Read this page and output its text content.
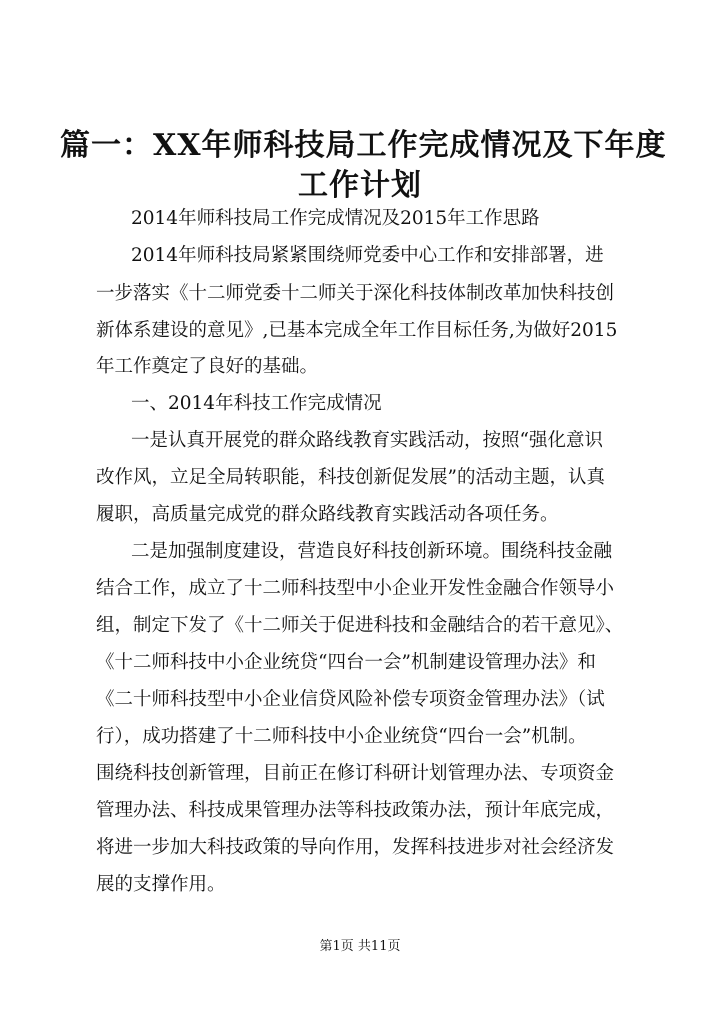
篇一：XX年师科技局工作完成情况及下年度
工作计划
2014年师科技局工作完成情况及2015年工作思路
2014年师科技局紧紧围绕师党委中心工作和安排部署，进
一步落实《十二师党委十二师关于深化科技体制改革加快科技创
新体系建设的意见》,已基本完成全年工作目标任务,为做好2015
年工作奠定了良好的基础。
一、2014年科技工作完成情况
一是认真开展党的群众路线教育实践活动，按照“强化意识
改作风，立足全局转职能，科技创新促发展”的活动主题，认真
履职，高质量完成党的群众路线教育实践活动各项任务。
二是加强制度建设，营造良好科技创新环境。围绕科技金融
结合工作，成立了十二师科技型中小企业开发性金融合作领导小
组，制定下发了《十二师关于促进科技和金融结合的若干意见》、
《十二师科技中小企业统贷“四台一会”机制建设管理办法》和
《二十师科技型中小企业信贷风险补偿专项资金管理办法》（试
行），成功搭建了十二师科技中小企业统贷“四台一会”机制。
围绕科技创新管理，目前正在修订科研计划管理办法、专项资金
管理办法、科技成果管理办法等科技政策办法，预计年底完成，
将进一步加大科技政策的导向作用，发挥科技进步对社会经济发
展的支撑作用。
第1页 共11页
